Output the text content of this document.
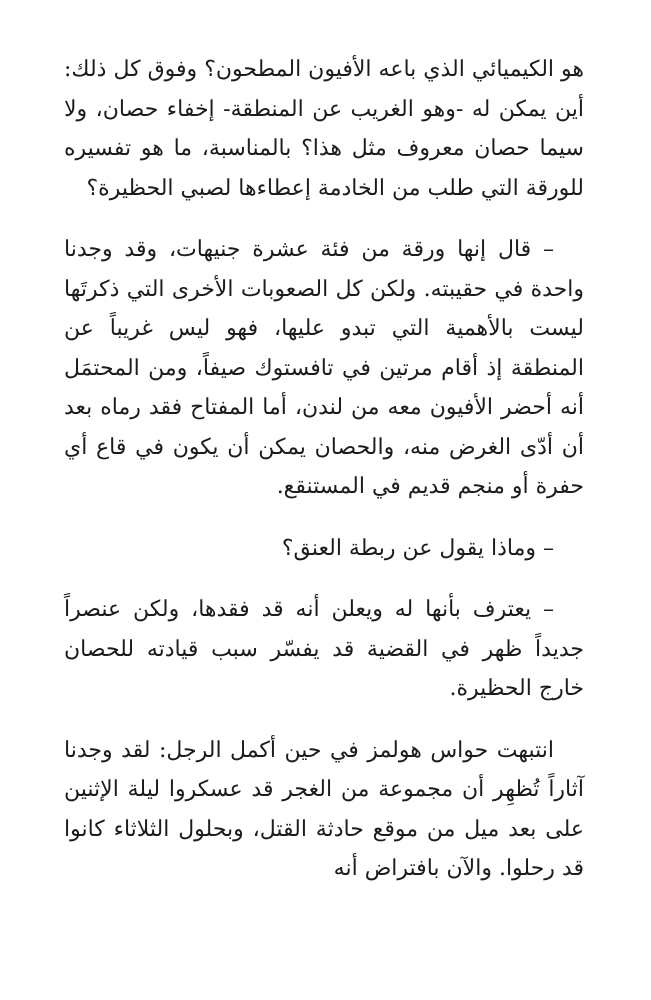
هو الكيميائي الذي باعه الأفيون المطحون؟ وفوق كل ذلك: أين يمكن له -وهو الغريب عن المنطقة- إخفاء حصان، ولا سيما حصان معروف مثل هذا؟ بالمناسبة، ما هو تفسيره للورقة التي طلب من الخادمة إعطاءها لصبي الحظيرة؟

– قال إنها ورقة من فئة عشرة جنيهات، وقد وجدنا واحدة في حقيبته. ولكن كل الصعوبات الأخرى التي ذكرتَها ليست بالأهمية التي تبدو عليها، فهو ليس غريباً عن المنطقة إذ أقام مرتين في تافستوك صيفاً، ومن المحتمَل أنه أحضر الأفيون معه من لندن، أما المفتاح فقد رماه بعد أن أدّى الغرض منه، والحصان يمكن أن يكون في قاع أي حفرة أو منجم قديم في المستنقع.

– وماذا يقول عن ربطة العنق؟

– يعترف بأنها له ويعلن أنه قد فقدها، ولكن عنصراً جديداً ظهر في القضية قد يفسّر سبب قيادته للحصان خارج الحظيرة.

انتبهت حواس هولمز في حين أكمل الرجل: لقد وجدنا آثاراً تُظهِر أن مجموعة من الغجر قد عسكروا ليلة الإثنين على بعد ميل من موقع حادثة القتل، وبحلول الثلاثاء كانوا قد رحلوا. والآن بافتراض أنه
